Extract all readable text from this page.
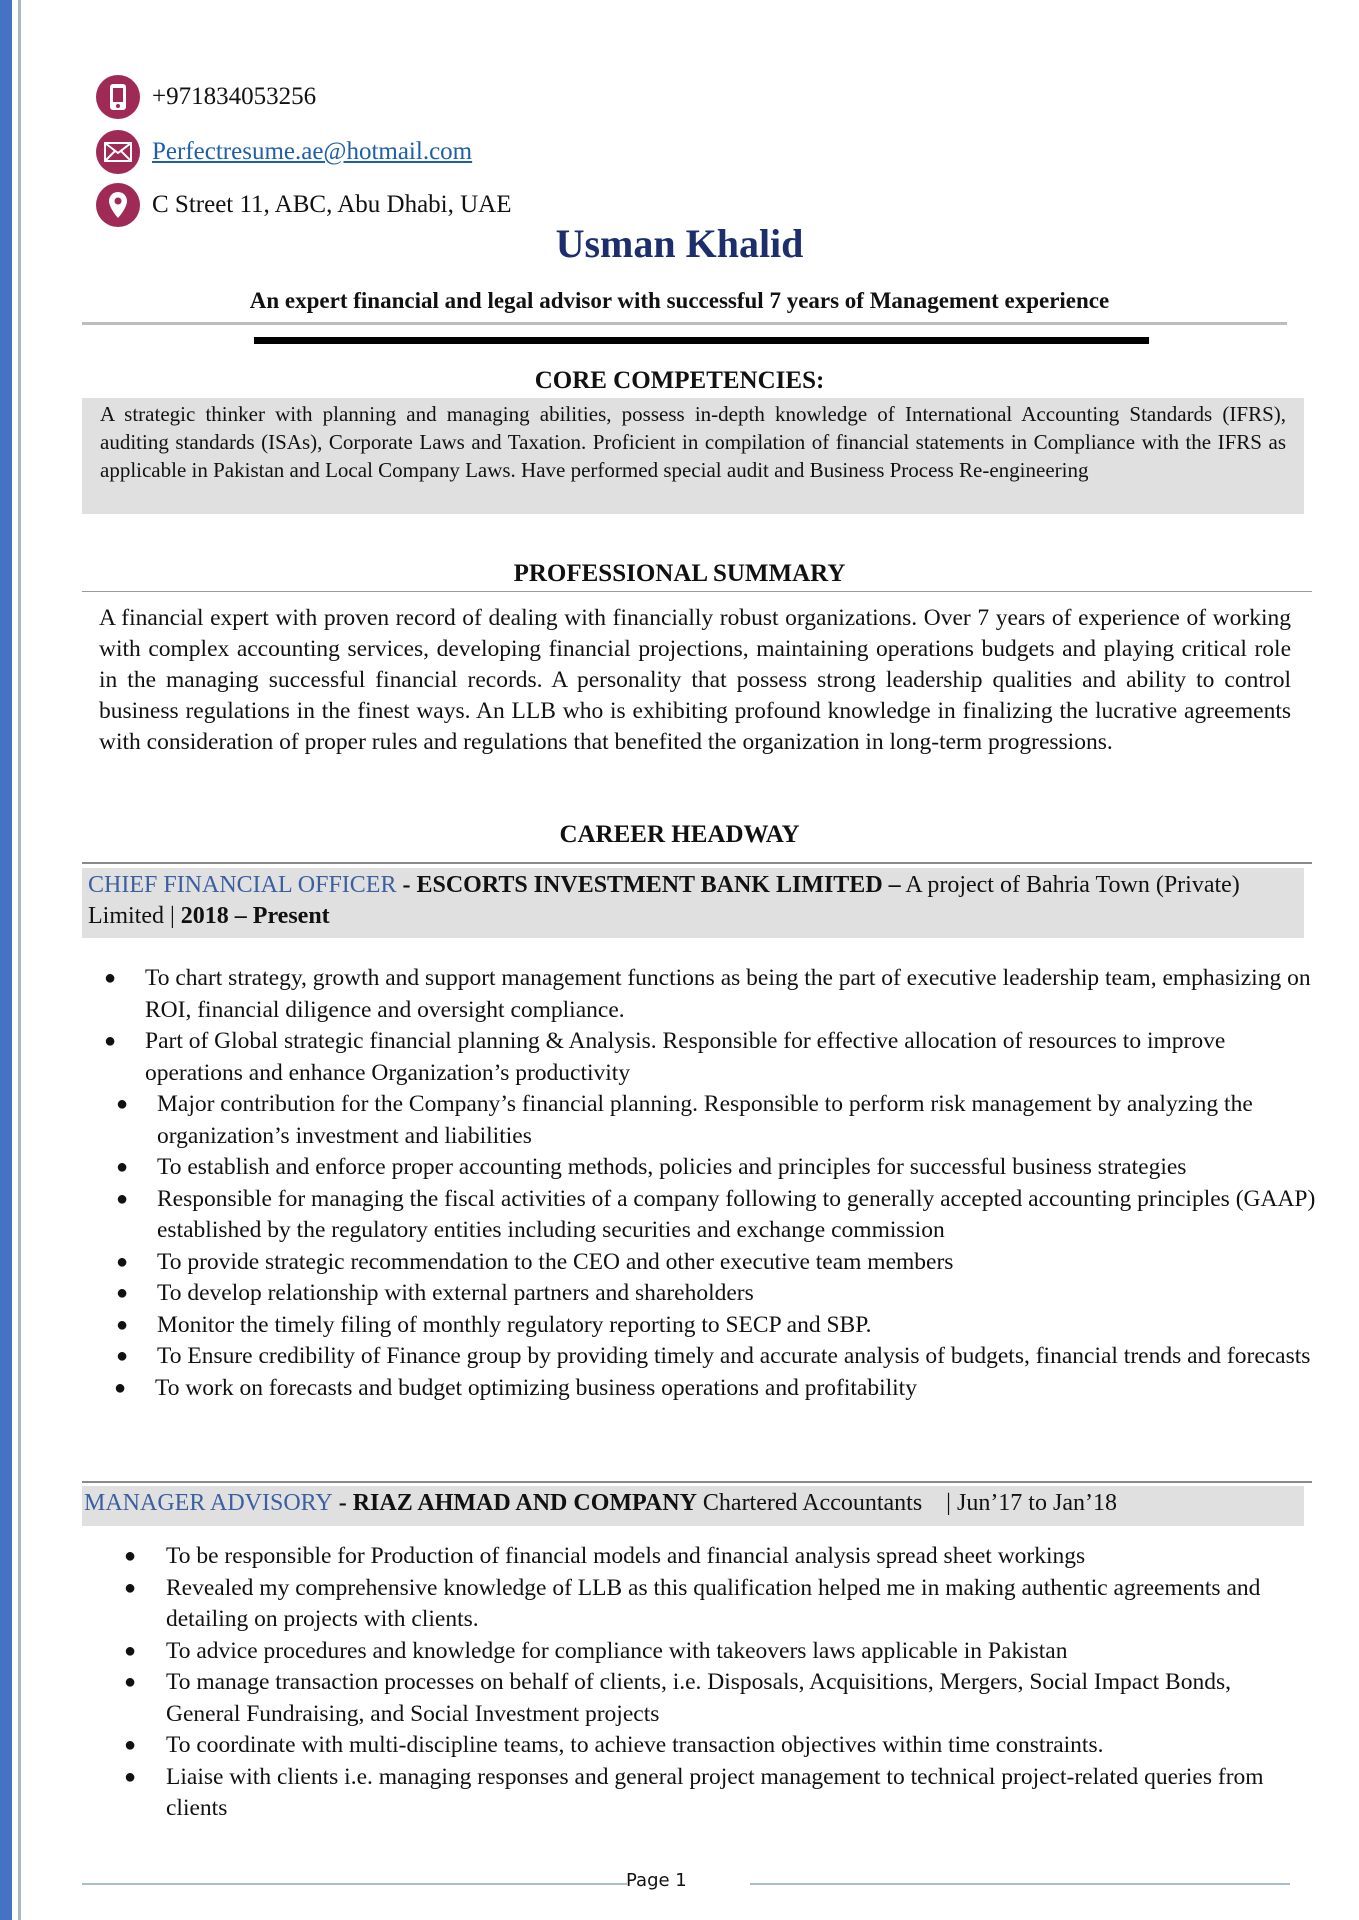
+971834053256
Perfectresume.ae@hotmail.com
C Street 11, ABC, Abu Dhabi, UAE
Usman Khalid
An expert financial and legal advisor with successful 7 years of Management experience
CORE COMPETENCIES:
A strategic thinker with planning and managing abilities, possess in-depth knowledge of International Accounting Standards (IFRS), auditing standards (ISAs), Corporate Laws and Taxation. Proficient in compilation of financial statements in Compliance with the IFRS as applicable in Pakistan and Local Company Laws. Have performed special audit and Business Process Re-engineering
PROFESSIONAL SUMMARY
A financial expert with proven record of dealing with financially robust organizations. Over 7 years of experience of working with complex accounting services, developing financial projections, maintaining operations budgets and playing critical role in the managing successful financial records. A personality that possess strong leadership qualities and ability to control business regulations in the finest ways. An LLB who is exhibiting profound knowledge in finalizing the lucrative agreements with consideration of proper rules and regulations that benefited the organization in long-term progressions.
CAREER HEADWAY
CHIEF FINANCIAL OFFICER - ESCORTS INVESTMENT BANK LIMITED – A project of Bahria Town (Private) Limited | 2018 – Present
● To chart strategy, growth and support management functions as being the part of executive leadership team, emphasizing on ROI, financial diligence and oversight compliance.
● Part of Global strategic financial planning & Analysis. Responsible for effective allocation of resources to improve operations and enhance Organization’s productivity
● Major contribution for the Company’s financial planning. Responsible to perform risk management by analyzing the organization’s investment and liabilities
● To establish and enforce proper accounting methods, policies and principles for successful business strategies
● Responsible for managing the fiscal activities of a company following to generally accepted accounting principles (GAAP) established by the regulatory entities including securities and exchange commission
● To provide strategic recommendation to the CEO and other executive team members
● To develop relationship with external partners and shareholders
● Monitor the timely filing of monthly regulatory reporting to SECP and SBP.
● To Ensure credibility of Finance group by providing timely and accurate analysis of budgets, financial trends and forecasts
● To work on forecasts and budget optimizing business operations and profitability
MANAGER ADVISORY - RIAZ AHMAD AND COMPANY Chartered Accountants    | Jun’17 to Jan’18
● To be responsible for Production of financial models and financial analysis spread sheet workings
● Revealed my comprehensive knowledge of LLB as this qualification helped me in making authentic agreements and detailing on projects with clients.
● To advice procedures and knowledge for compliance with takeovers laws applicable in Pakistan
● To manage transaction processes on behalf of clients, i.e. Disposals, Acquisitions, Mergers, Social Impact Bonds, General Fundraising, and Social Investment projects
● To coordinate with multi-discipline teams, to achieve transaction objectives within time constraints.
● Liaise with clients i.e. managing responses and general project management to technical project-related queries from clients
Page 1
